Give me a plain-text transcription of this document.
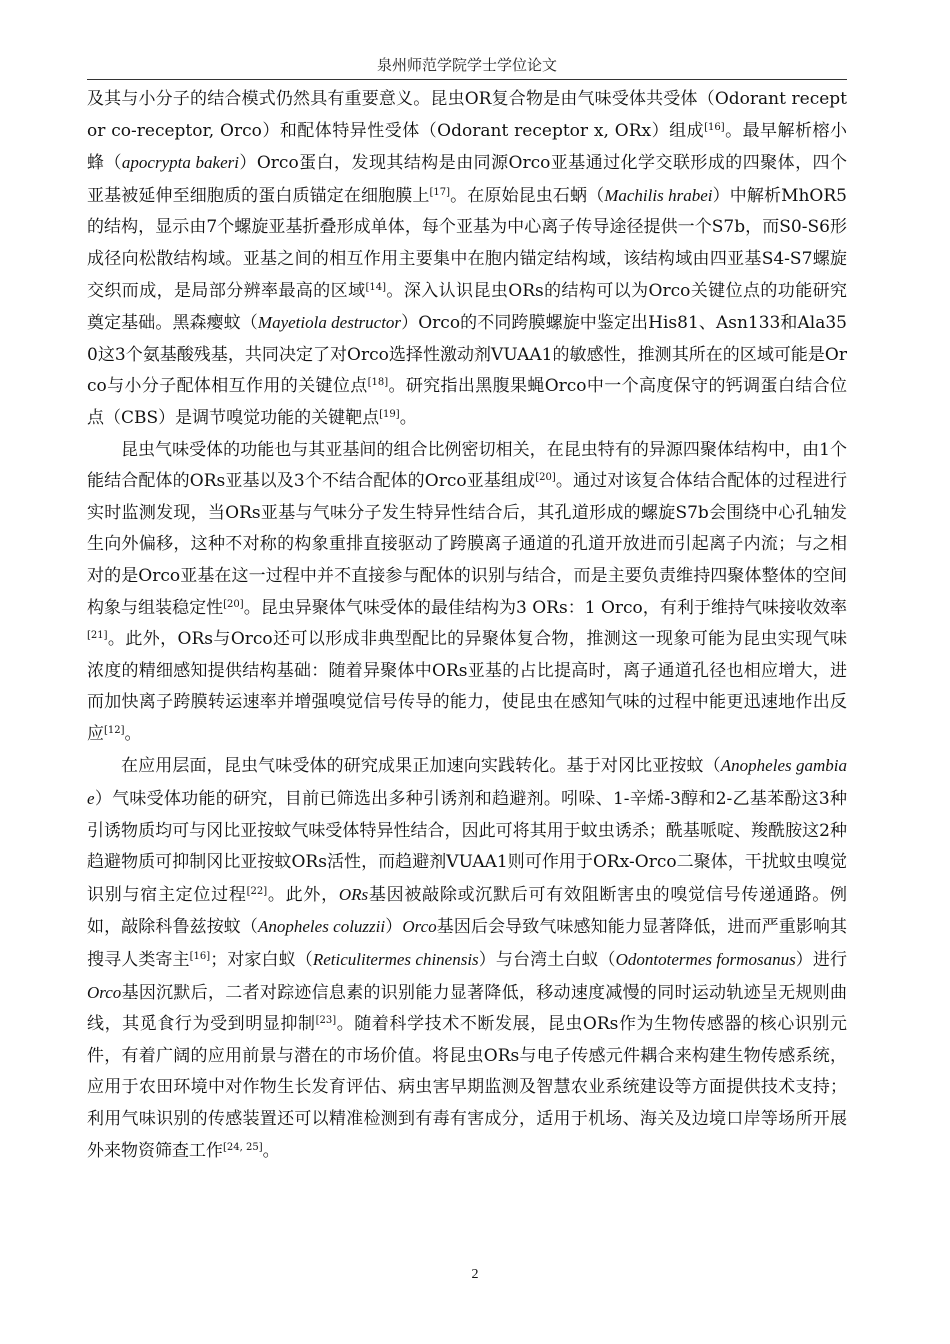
泉州师范学院学士学位论文

及其与小分子的结合模式仍然具有重要意义。昆虫OR复合物是由气味受体共受体（Odorant receptor co-receptor, Orco）和配体特异性受体（Odorant receptor x, ORx）组成[16]。最早解析榕小蜂（apocrypta bakeri）Orco蛋白，发现其结构是由同源Orco亚基通过化学交联形成的四聚体，四个亚基被延伸至细胞质的蛋白质锚定在细胞膜上[17]。在原始昆虫石蛃（Machilis hrabei）中解析MhOR5的结构，显示由7个螺旋亚基折叠形成单体，每个亚基为中心离子传导途径提供一个S7b，而S0-S6形成径向松散结构域。亚基之间的相互作用主要集中在胞内锚定结构域，该结构域由四亚基S4-S7螺旋交织而成，是局部分辨率最高的区域[14]。深入认识昆虫ORs的结构可以为Orco关键位点的功能研究奠定基础。黑森瘿蚊（Mayetiola destructor）Orco的不同跨膜螺旋中鉴定出His81、Asn133和Ala350这3个氨基酸残基，共同决定了对Orco选择性激动剂VUAA1的敏感性，推测其所在的区域可能是Orco与小分子配体相互作用的关键位点[18]。研究指出黑腹果蝇Orco中一个高度保守的钙调蛋白结合位点（CBS）是调节嗅觉功能的关键靶点[19]。

昆虫气味受体的功能也与其亚基间的组合比例密切相关，在昆虫特有的异源四聚体结构中，由1个能结合配体的ORs亚基以及3个不结合配体的Orco亚基组成[20]。通过对该复合体结合配体的过程进行实时监测发现，当ORs亚基与气味分子发生特异性结合后，其孔道形成的螺旋S7b会围绕中心孔轴发生向外偏移，这种不对称的构象重排直接驱动了跨膜离子通道的孔道开放进而引起离子内流；与之相对的是Orco亚基在这一过程中并不直接参与配体的识别与结合，而是主要负责维持四聚体整体的空间构象与组装稳定性[20]。昆虫异聚体气味受体的最佳结构为3 ORs：1 Orco，有利于维持气味接收效率[21]。此外，ORs与Orco还可以形成非典型配比的异聚体复合物，推测这一现象可能为昆虫实现气味浓度的精细感知提供结构基础：随着异聚体中ORs亚基的占比提高时，离子通道孔径也相应增大，进而加快离子跨膜转运速率并增强嗅觉信号传导的能力，使昆虫在感知气味的过程中能更迅速地作出反应[12]。

在应用层面，昆虫气味受体的研究成果正加速向实践转化。基于对冈比亚按蚊（Anopheles gambiae）气味受体功能的研究，目前已筛选出多种引诱剂和趋避剂。吲哚、1-辛烯-3醇和2-乙基苯酚这3种引诱物质均可与冈比亚按蚊气味受体特异性结合，因此可将其用于蚊虫诱杀；酰基哌啶、羧酰胺这2种趋避物质可抑制冈比亚按蚊ORs活性，而趋避剂VUAA1则可作用于ORx-Orco二聚体，干扰蚊虫嗅觉识别与宿主定位过程[22]。此外，ORs基因被敲除或沉默后可有效阻断害虫的嗅觉信号传递通路。例如，敲除科鲁兹按蚊（Anopheles coluzzii）Orco基因后会导致气味感知能力显著降低，进而严重影响其搜寻人类寄主[16]；对家白蚁（Reticulitermes chinensis）与台湾土白蚁（Odontotermes formosanus）进行Orco基因沉默后，二者对踪迹信息素的识别能力显著降低，移动速度减慢的同时运动轨迹呈无规则曲线，其觅食行为受到明显抑制[23]。随着科学技术不断发展，昆虫ORs作为生物传感器的核心识别元件，有着广阔的应用前景与潜在的市场价值。将昆虫ORs与电子传感元件耦合来构建生物传感系统，应用于农田环境中对作物生长发育评估、病虫害早期监测及智慧农业系统建设等方面提供技术支持；利用气味识别的传感装置还可以精准检测到有毒有害成分，适用于机场、海关及边境口岸等场所开展外来物资筛查工作[24, 25]。

2
